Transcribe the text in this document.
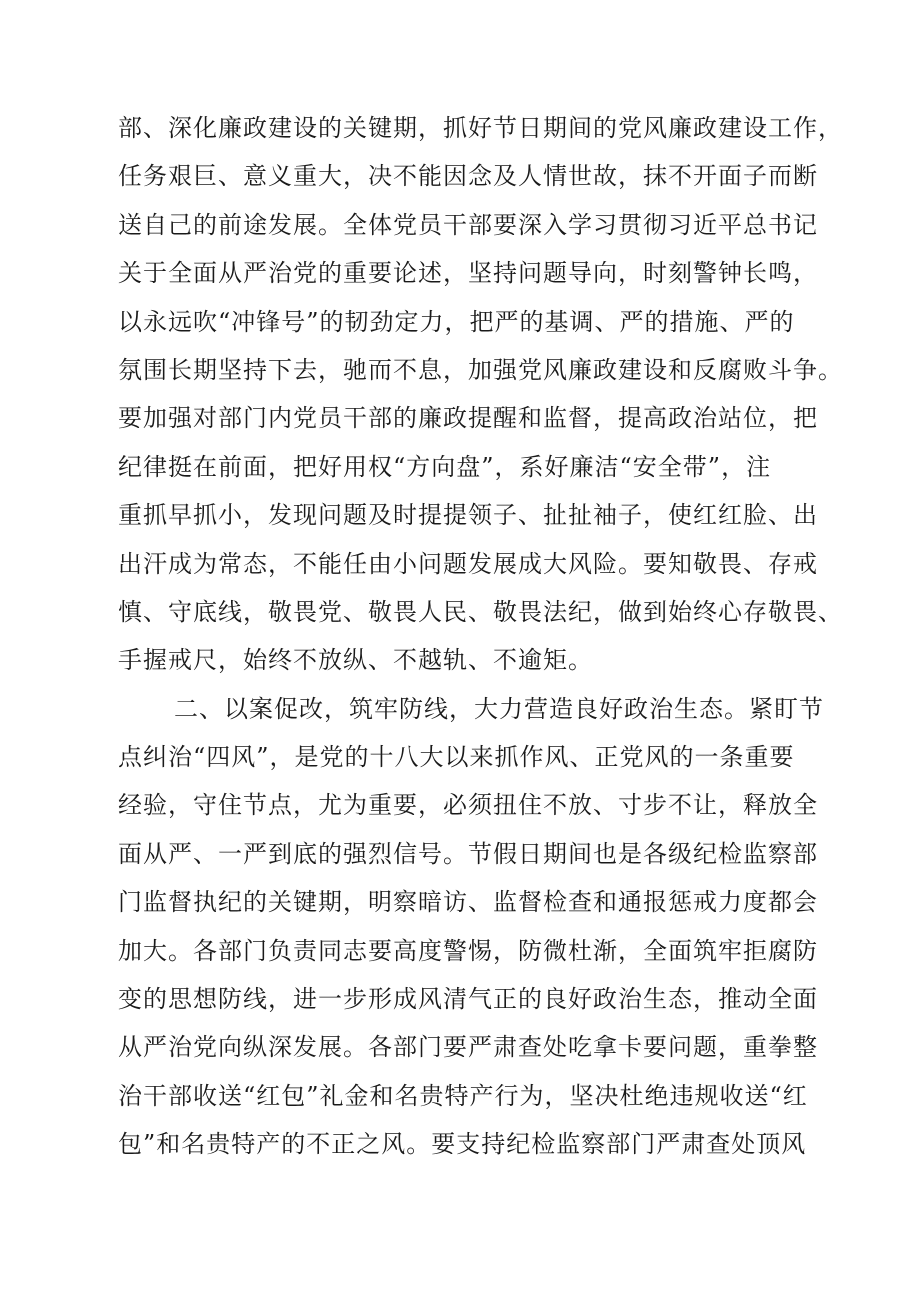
部、深化廉政建设的关键期，抓好节日期间的党风廉政建设工作，
任务艰巨、意义重大，决不能因念及人情世故，抹不开面子而断
送自己的前途发展。全体党员干部要深入学习贯彻习近平总书记
关于全面从严治党的重要论述，坚持问题导向，时刻警钟长鸣，
以永远吹“冲锋号”的韧劲定力，把严的基调、严的措施、严的
氛围长期坚持下去，驰而不息，加强党风廉政建设和反腐败斗争。
要加强对部门内党员干部的廉政提醒和监督，提高政治站位，把
纪律挺在前面，把好用权“方向盘”，系好廉洁“安全带”，注
重抓早抓小，发现问题及时提提领子、扯扯袖子，使红红脸、出
出汗成为常态，不能任由小问题发展成大风险。要知敬畏、存戒
慎、守底线，敬畏党、敬畏人民、敬畏法纪，做到始终心存敬畏、
手握戒尺，始终不放纵、不越轨、不逾矩。
二、以案促改，筑牢防线，大力营造良好政治生态。紧盯节
点纠治“四风”，是党的十八大以来抓作风、正党风的一条重要
经验，守住节点，尤为重要，必须扭住不放、寸步不让，释放全
面从严、一严到底的强烈信号。节假日期间也是各级纪检监察部
门监督执纪的关键期，明察暗访、监督检查和通报惩戒力度都会
加大。各部门负责同志要高度警惕，防微杜渐，全面筑牢拒腐防
变的思想防线，进一步形成风清气正的良好政治生态，推动全面
从严治党向纵深发展。各部门要严肃查处吃拿卡要问题，重拳整
治干部收送“红包”礼金和名贵特产行为，坚决杜绝违规收送“红
包”和名贵特产的不正之风。要支持纪检监察部门严肃查处顶风
